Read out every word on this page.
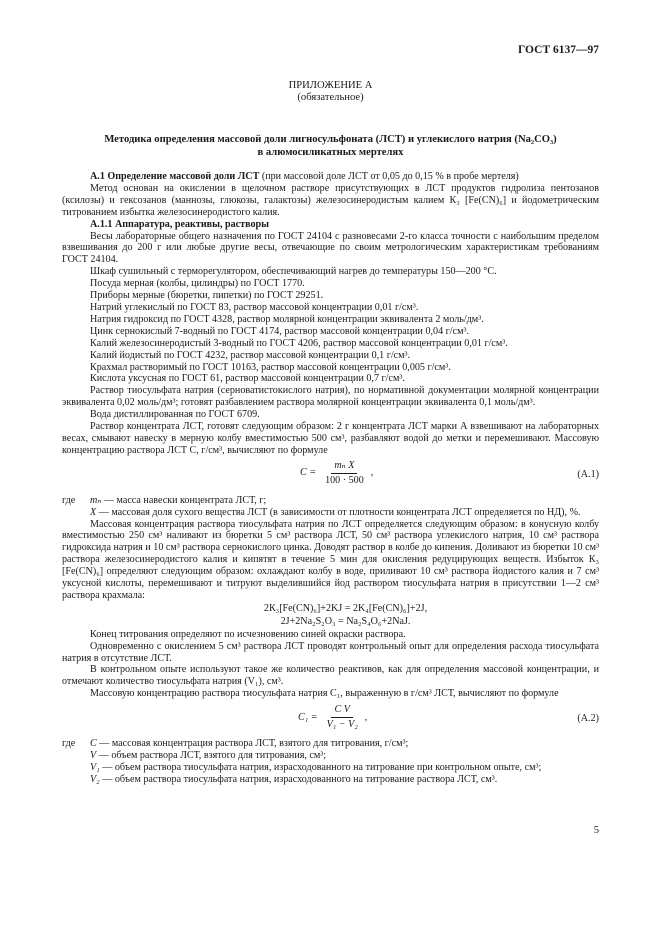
ГОСТ 6137—97
ПРИЛОЖЕНИЕ А
(обязательное)
Методика определения массовой доли лигносульфоната (ЛСТ) и углекислого натрия (Na₂CO₃)
в алюмосиликатных мертелях

А.1 Определение массовой доли ЛСТ (при массовой доле ЛСТ от 0,05 до 0,15 % в пробе мертеля)

Метод основан на окислении в щелочном растворе присутствующих в ЛСТ продуктов гидролиза пентозанов (ксилозы) и гексозанов (маннозы, глюкозы, галактозы) железосинеродистым калием К₃ [Fe(CN)₆] и йодометрическим титрованием избытка железосинеродистого калия.

А.1.1 Аппаратура, реактивы, растворы

Весы лабораторные общего назначения по ГОСТ 24104 с разновесами 2-го класса точности с наибольшим пределом взвешивания до 200 г или любые другие весы, отвечающие по своим метрологическим характеристикам требованиям ГОСТ 24104.

Шкаф сушильный с терморегулятором, обеспечивающий нагрев до температуры 150—200 °С.

Посуда мерная (колбы, цилиндры) по ГОСТ 1770.

Приборы мерные (бюретки, пипетки) по ГОСТ 29251.

Натрий углекислый по ГОСТ 83, раствор массовой концентрации 0,01 г/см³.

Натрия гидроксид по ГОСТ 4328, раствор молярной концентрации эквивалента 2 моль/дм³.

Цинк сернокислый 7-водный по ГОСТ 4174, раствор массовой концентрации 0,04 г/см³.

Калий железосинеродистый 3-водный по ГОСТ 4206, раствор массовой концентрации 0,01 г/см³.

Калий йодистый по ГОСТ 4232, раствор массовой концентрации 0,1 г/см³.

Крахмал растворимый по ГОСТ 10163, раствор массовой концентрации 0,005 г/см³.

Кислота уксусная по ГОСТ 61, раствор массовой концентрации 0,7 г/см³.

Раствор тиосульфата натрия (серноватистокислого натрия), по нормативной документации молярной концентрации эквивалента 0,02 моль/дм³; готовят разбавлением раствора молярной концентрации эквивалента 0,1 моль/дм³.

Вода дистиллированная по ГОСТ 6709.

Раствор концентрата ЛСТ, готовят следующим образом: 2 г концентрата ЛСТ марки А взвешивают на лабораторных весах, смывают навеску в мерную колбу вместимостью 500 см³, разбавляют водой до метки и перемешивают. Массовую концентрацию раствора ЛСТ С, г/см³, вычисляют по формуле

$C = \frac{\text{mₙ X}}{100 \cdot 500}$ ,	(А.1)
где	mₙ — масса навески концентрата ЛСТ, г;
X — массовая доля сухого вещества ЛСТ (в зависимости от плотности концентрата ЛСТ определяется по НД), %.

Массовая концентрация раствора тиосульфата натрия по ЛСТ определяется следующим образом: в конусную колбу вместимостью 250 см³ наливают из бюретки 5 см³ раствора ЛСТ, 50 см³ раствора углекислого натрия, 10 см³ раствора гидроксида натрия и 10 см³ раствора сернокислого цинка. Доводят раствор в колбе до кипения. Доливают из бюретки 10 см³ раствора железосинеродистого калия и кипятят в течение 5 мин для окисления редуцирующих веществ. Избыток К₃ [Fe(CN)₆] определяют следующим образом: охлаждают колбу в воде, приливают 10 см³ раствора йодистого калия и 7 см³ уксусной кислоты, перемешивают и титруют выделившийся йод раствором тиосульфата натрия в присутствии 1—2 см³ раствора крахмала:

2К₃[Fe(CN)₆]+2KJ = 2K₄[Fe(CN)₆]+2J,
2J+2Na₂S₂O₃ = Na₂S₄O₆+2NaJ.

Конец титрования определяют по исчезновению синей окраски раствора.

Одновременно с окислением 5 см³ раствора ЛСТ проводят контрольный опыт для определения расхода тиосульфата натрия в отсутствие ЛСТ.

В контрольном опыте используют такое же количество реактивов, как для определения массовой концентрации, и отмечают количество тиосульфата натрия (V₁), см³.

Массовую концентрацию раствора тиосульфата натрия C₁, выраженную в г/см³ ЛСТ, вычисляют по формуле

$C_1 = \frac{\text{C V}}{\text{V₁ − V₂}}$ ,	(А.2)
где	C — массовая концентрация раствора ЛСТ, взятого для титрования, г/см³;
V — объем раствора ЛСТ, взятого для титрования, см³;
V₁ — объем раствора тиосульфата натрия, израсходованного на титрование при контрольном опыте, см³;
V₂ — объем раствора тиосульфата натрия, израсходованного на титрование раствора ЛСТ, см³.
5
